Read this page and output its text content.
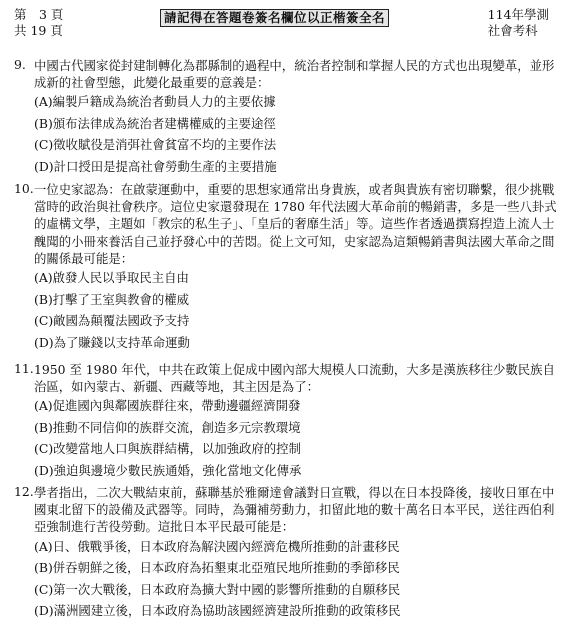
第　3 頁
共 19 頁
請記得在答題卷簽名欄位以正楷簽全名	114年學測
社會考科
9. 中國古代國家從封建制轉化為郡縣制的過程中，統治者控制和掌握人民的方式也出現變革，並形成新的社會型態，此變化最重要的意義是：
(A)編製戶籍成為統治者動員人力的主要依據
(B)頒布法律成為統治者建構權威的主要途徑
(C)徵收賦役是消弭社會貧富不均的主要作法
(D)計口授田是提高社會勞動生產的主要措施
10. 一位史家認為：在啟蒙運動中，重要的思想家通常出身貴族，或者與貴族有密切聯繫，很少挑戰當時的政治與社會秩序。這位史家還發現在 1780 年代法國大革命前的暢銷書，多是一些八卦式的虛構文學，主題如「教宗的私生子」、「皇后的奢靡生活」等。這些作者透過撰寫揑造上流人士醜聞的小冊來養活自己並抒發心中的苦悶。從上文可知，史家認為這類暢銷書與法國大革命之間的關係最可能是：
(A)啟發人民以爭取民主自由
(B)打擊了王室與教會的權威
(C)敵國為顛覆法國政予支持
(D)為了賺錢以支持革命運動
11. 1950 至 1980 年代，中共在政策上促成中國內部大規模人口流動，大多是漢族移往少數民族自治區，如內蒙古、新疆、西藏等地，其主因是為了：
(A)促進國內與鄰國族群往來，帶動邊疆經濟開發
(B)推動不同信仰的族群交流，創造多元宗教環境
(C)改變當地人口與族群結構，以加強政府的控制
(D)強迫與邊境少數民族通婚，強化當地文化傳承
12. 學者指出，二次大戰結束前，蘇聯基於雅爾達會議對日宣戰，得以在日本投降後，接收日軍在中國東北留下的設備及武器等。同時，為彌補勞動力，扣留此地的數十萬名日本平民，送往西伯利亞強制進行苦役勞動。這批日本平民最可能是：
(A)日、俄戰爭後，日本政府為解決國內經濟危機所推動的計畫移民
(B)併吞朝鮮之後，日本政府為拓墾東北亞殖民地所推動的季節移民
(C)第一次大戰後，日本政府為擴大對中國的影響所推動的自願移民
(D)滿洲國建立後，日本政府為協助該國經濟建設所推動的政策移民
